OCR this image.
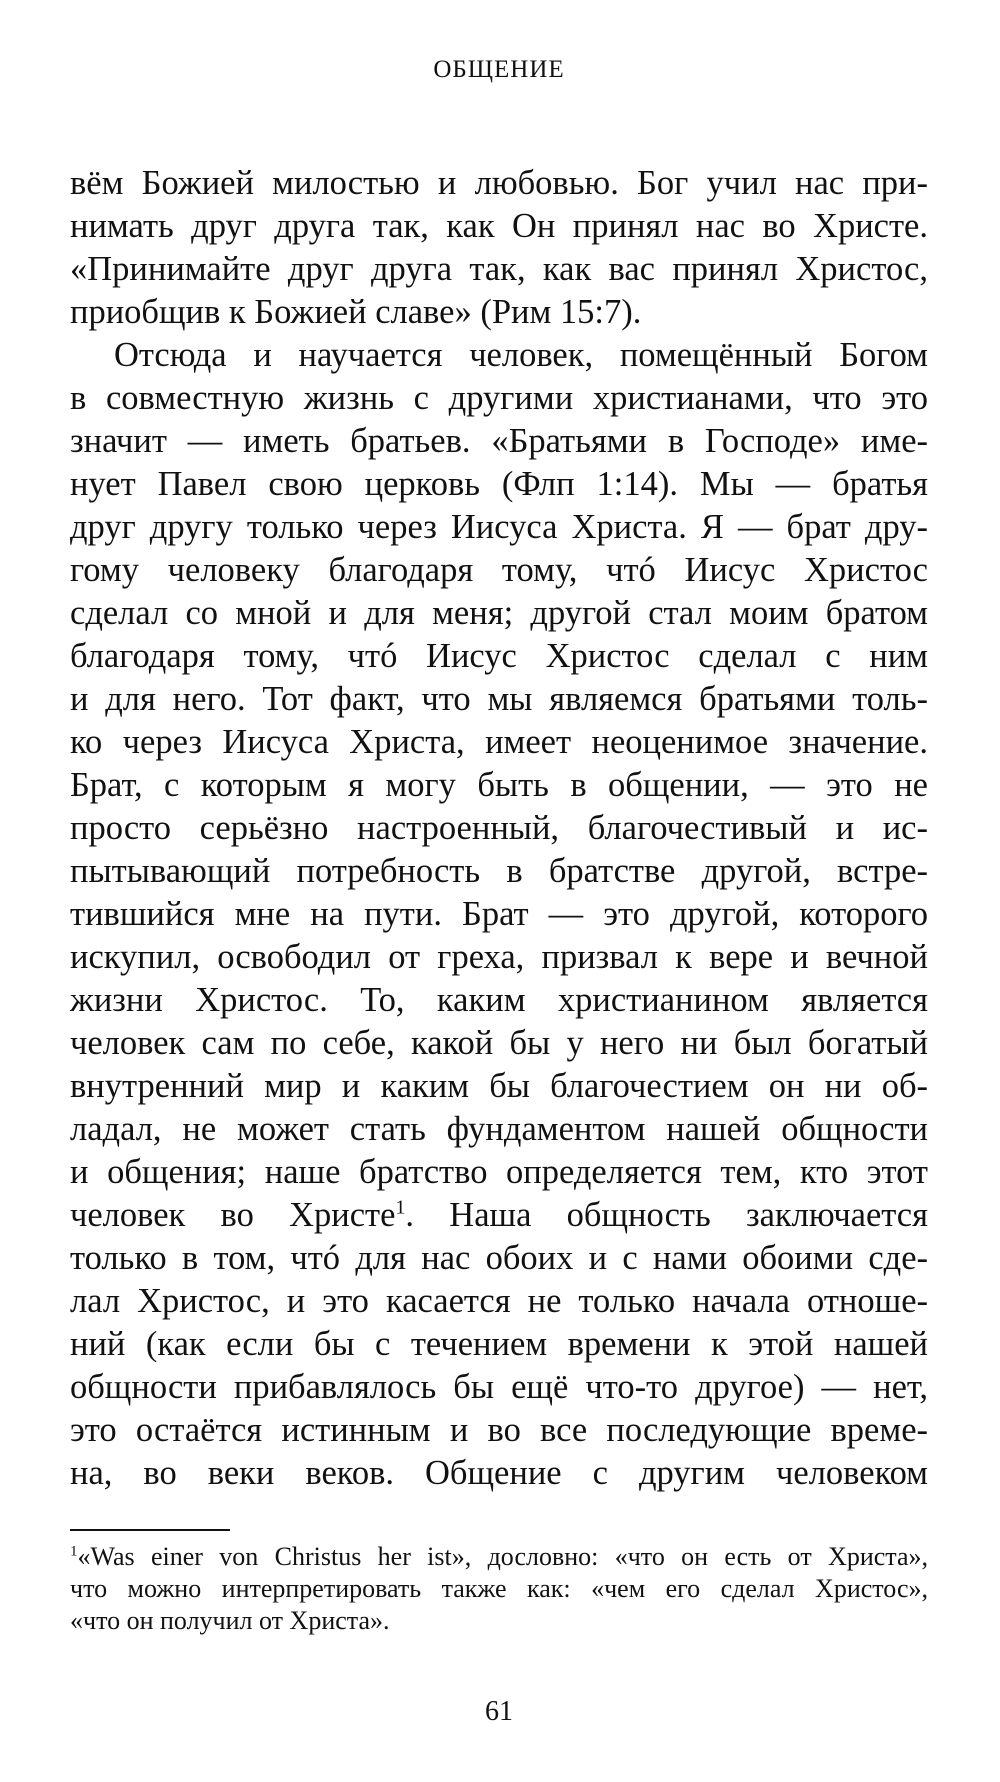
ОБЩЕНИЕ
вём Божией милостью и любовью. Бог учил нас при-
нимать друг друга так, как Он принял нас во Христе.
«Принимайте друг друга так, как вас принял Христос,
приобщив к Божией славе» (Рим 15:7).
Отсюда и научается человек, помещённый Богом
в совместную жизнь с другими христианами, что это
значит — иметь братьев. «Братьями в Господе» име-
нует Павел свою церковь (Флп 1:14). Мы — братья
друг другу только через Иисуса Христа. Я — брат дру-
гому человеку благодаря тому, чтó Иисус Христос
сделал со мной и для меня; другой стал моим братом
благодаря тому, чтó Иисус Христос сделал с ним
и для него. Тот факт, что мы являемся братьями толь-
ко через Иисуса Христа, имеет неоценимое значение.
Брат, с которым я могу быть в общении, — это не
просто серьёзно настроенный, благочестивый и ис-
пытывающий потребность в братстве другой, встре-
тившийся мне на пути. Брат — это другой, которого
искупил, освободил от греха, призвал к вере и вечной
жизни Христос. То, каким христианином является
человек сам по себе, какой бы у него ни был богатый
внутренний мир и каким бы благочестием он ни об-
ладал, не может стать фундаментом нашей общности
и общения; наше братство определяется тем, кто этот
человек во Христе$^1$. Наша общность заключается
только в том, чтó для нас обоих и с нами обоими сде-
лал Христос, и это касается не только начала отноше-
ний (как если бы с течением времени к этой нашей
общности прибавлялось бы ещё что-то другое) — нет,
это остаётся истинным и во все последующие време-
на, во веки веков. Общение с другим человеком
$^1$«Was einer von Christus her ist», дословно: «что он есть от Христа»,
что можно интерпретировать также как: «чем его сделал Христос»,
«что он получил от Христа».
61
